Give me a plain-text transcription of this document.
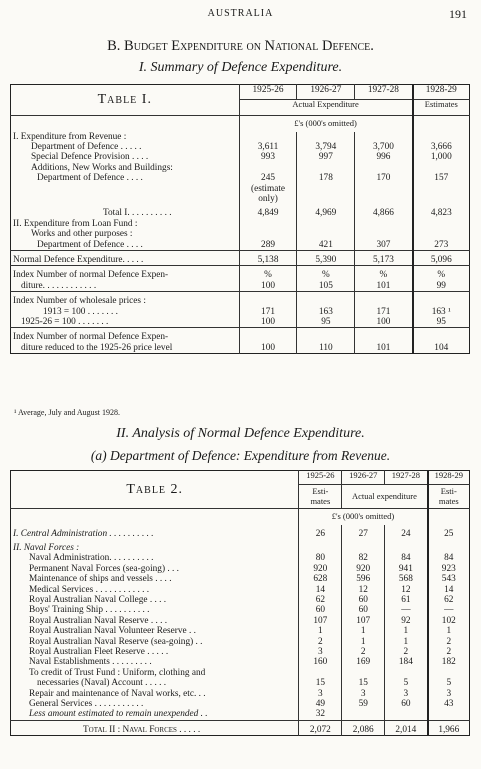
AUSTRALIA	191
B. Budget Expenditure on National Defence.
I. Summary of Defence Expenditure.
Table I.	1925-26	1926-27	1927-28	1928-29
	Actual Expenditure			Estimates
	£'s (000's omitted)			
I. Expenditure from Revenue :				
Department of Defence . . . . .	3,611	3,794	3,700	3,666
Special Defence Provision . . . .	993	997	996	1,000
Additions, New Works and Buildings:				
Department of Defence . . . .	245	178	170	157
	(estimate			
	only)			
Total I. . . . . . . . . .	4,849	4,969	4,866	4,823
II. Expenditure from Loan Fund :				
Works and other purposes :				
Department of Defence . . . .	289	421	307	273
Normal Defence Expenditure. . . . .	5,138	5,390	5,173	5,096
Index Number of normal Defence Expen-	%	%	%	%
diture. . . . . . . . . . . .	100	105	101	99
Index Number of wholesale prices :				
1913 = 100 . . . . . . .	171	163	171	163 ¹
1925-26 = 100 . . . . . . .	100	95	100	95
Index Number of normal Defence Expen-				
diture reduced to the 1925-26 price level	100	110	101	104
¹ Average, July and August 1928.
II. Analysis of Normal Defence Expenditure.
(a) Department of Defence: Expenditure from Revenue.
Table 2.	1925-26	1926-27	1927-28	1928-29
	Esti-
mates	Actual expenditure		Esti-
mates
	£'s (000's omitted)			
I. Central Administration . . . . . . . . . .	26	27	24	25
II. Naval Forces :				
Naval Administration. . . . . . . . . .	80	82	84	84
Permanent Naval Forces (sea-going) . . .	920	920	941	923
Maintenance of ships and vessels . . . .	628	596	568	543
Medical Services . . . . . . . . . . . .	14	12	12	14
Royal Australian Naval College . . . .	62	60	61	62
Boys' Training Ship . . . . . . . . . .	60	60	—	—
Royal Australian Naval Reserve . . . .	107	107	92	102
Royal Australian Naval Volunteer Reserve . .	1	1	1	1
Royal Australian Naval Reserve (sea-going) . .	2	1	1	2
Royal Australian Fleet Reserve . . . . .	3	2	2	2
Naval Establishments . . . . . . . . .	160	169	184	182
To credit of Trust Fund : Uniform, clothing and				
necessaries (Naval) Account . . . . .	15	15	5	5
Repair and maintenance of Naval works, etc. . .	3	3	3	3
General Services . . . . . . . . . . .	49	59	60	43
Less amount estimated to remain unexpended . .	32			
Total II : Naval Forces . . . . .	2,072	2,086	2,014	1,966
